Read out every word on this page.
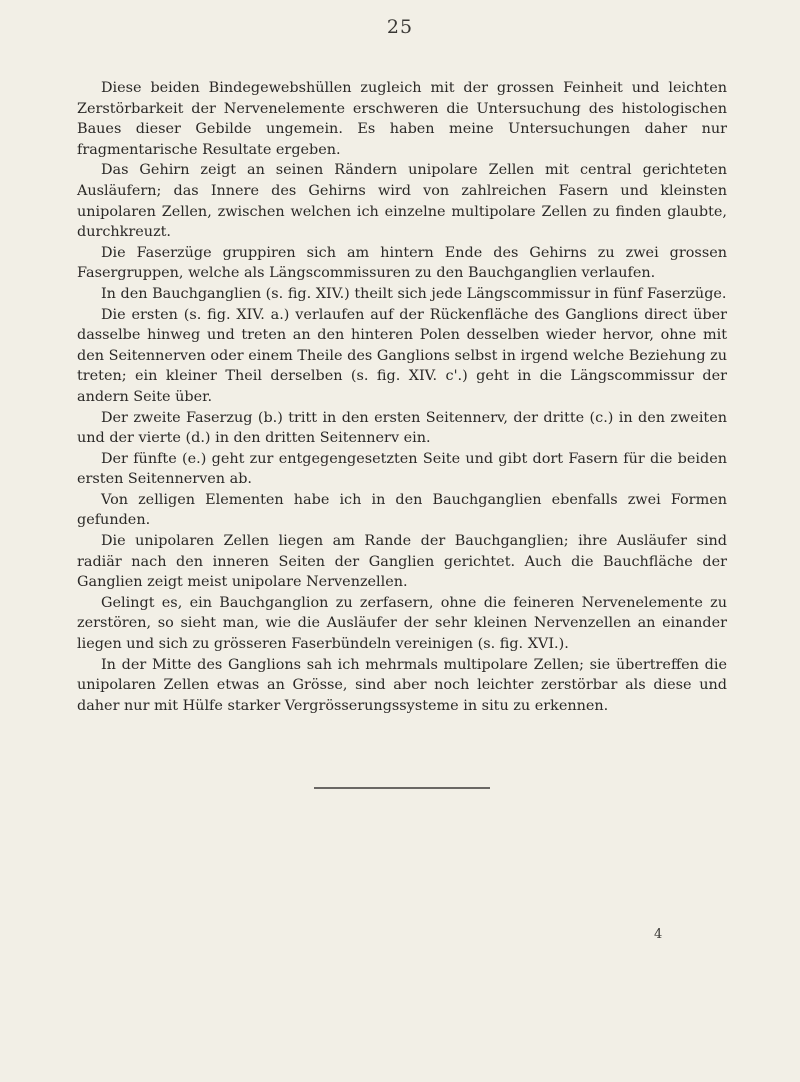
25

Diese beiden Bindegewebshüllen zugleich mit der grossen Feinheit und leichten Zerstörbarkeit der Nervenelemente erschweren die Untersuchung des histologischen Baues dieser Gebilde ungemein. Es haben meine Untersuchungen daher nur fragmentarische Resultate ergeben.

Das Gehirn zeigt an seinen Rändern unipolare Zellen mit central gerichteten Ausläufern; das Innere des Gehirns wird von zahlreichen Fasern und kleinsten unipolaren Zellen, zwischen welchen ich einzelne multipolare Zellen zu finden glaubte, durchkreuzt.

Die Faserzüge gruppiren sich am hintern Ende des Gehirns zu zwei grossen Fasergruppen, welche als Längscommissuren zu den Bauchganglien verlaufen.

In den Bauchganglien (s. fig. XIV.) theilt sich jede Längscommissur in fünf Faserzüge.

Die ersten (s. fig. XIV. a.) verlaufen auf der Rückenfläche des Ganglions direct über dasselbe hinweg und treten an den hinteren Polen desselben wieder hervor, ohne mit den Seitennerven oder einem Theile des Ganglions selbst in irgend welche Beziehung zu treten; ein kleiner Theil derselben (s. fig. XIV. c'.) geht in die Längscommissur der andern Seite über.

Der zweite Faserzug (b.) tritt in den ersten Seitennerv, der dritte (c.) in den zweiten und der vierte (d.) in den dritten Seitennerv ein.

Der fünfte (e.) geht zur entgegengesetzten Seite und gibt dort Fasern für die beiden ersten Seitennerven ab.

Von zelligen Elementen habe ich in den Bauchganglien ebenfalls zwei Formen gefunden.

Die unipolaren Zellen liegen am Rande der Bauchganglien; ihre Ausläufer sind radiär nach den inneren Seiten der Ganglien gerichtet. Auch die Bauchfläche der Ganglien zeigt meist unipolare Nervenzellen.

Gelingt es, ein Bauchganglion zu zerfasern, ohne die feineren Nervenelemente zu zerstören, so sieht man, wie die Ausläufer der sehr kleinen Nervenzellen an einander liegen und sich zu grösseren Faserbündeln vereinigen (s. fig. XVI.).

In der Mitte des Ganglions sah ich mehrmals multipolare Zellen; sie übertreffen die unipolaren Zellen etwas an Grösse, sind aber noch leichter zerstörbar als diese und daher nur mit Hülfe starker Vergrösserungssysteme in situ zu erkennen.

4
